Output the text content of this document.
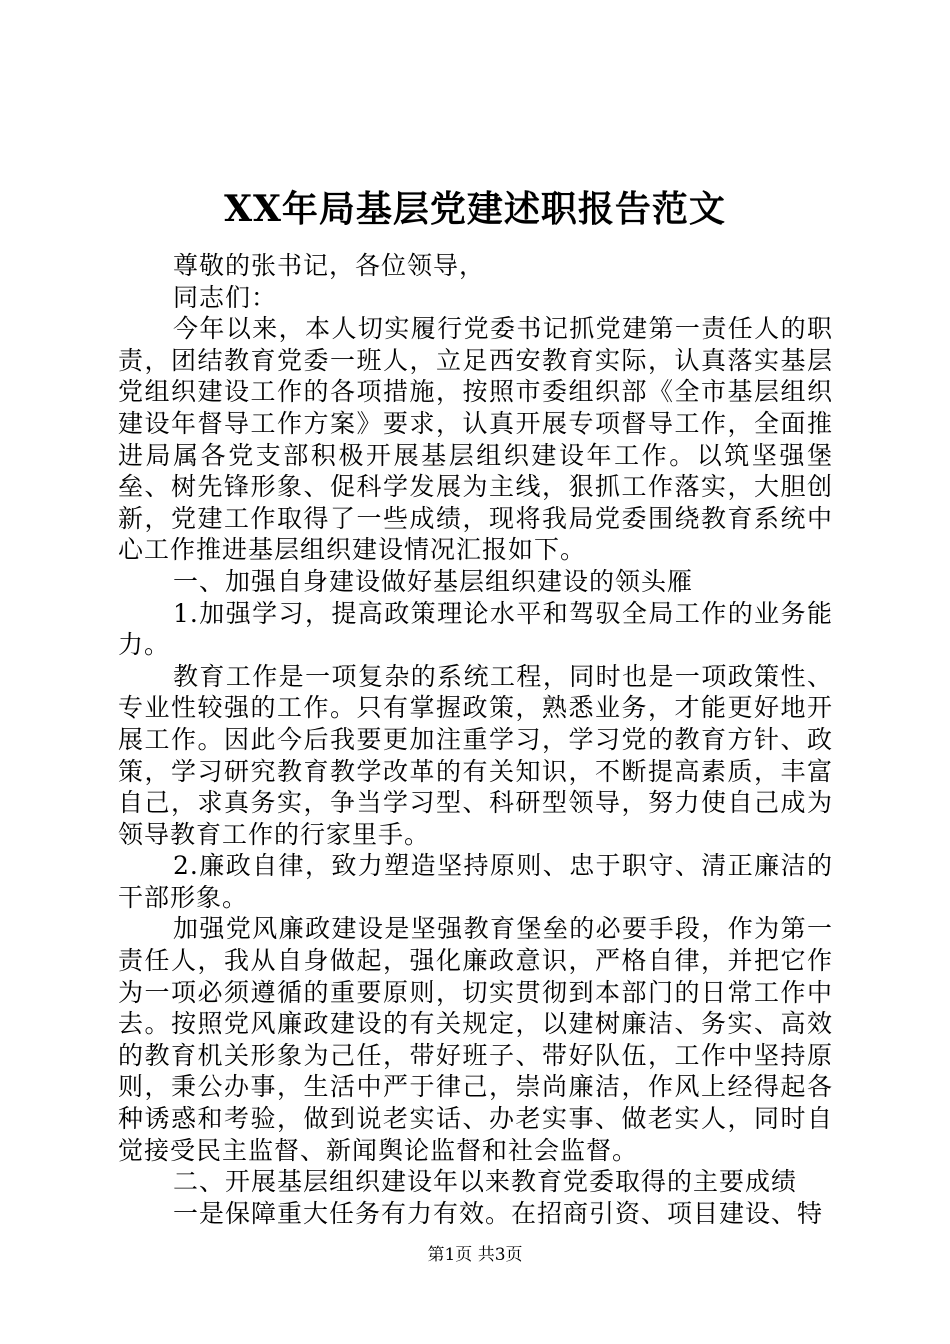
XX年局基层党建述职报告范文

尊敬的张书记，各位领导，

同志们：

今年以来，本人切实履行党委书记抓党建第一责任人的职责，团结教育党委一班人，立足西安教育实际，认真落实基层党组织建设工作的各项措施，按照市委组织部《全市基层组织建设年督导工作方案》要求，认真开展专项督导工作，全面推进局属各党支部积极开展基层组织建设年工作。以筑坚强堡垒、树先锋形象、促科学发展为主线，狠抓工作落实，大胆创新，党建工作取得了一些成绩，现将我局党委围绕教育系统中心工作推进基层组织建设情况汇报如下。

一、加强自身建设做好基层组织建设的领头雁

1.加强学习，提高政策理论水平和驾驭全局工作的业务能力。

教育工作是一项复杂的系统工程，同时也是一项政策性、专业性较强的工作。只有掌握政策，熟悉业务，才能更好地开展工作。因此今后我要更加注重学习，学习党的教育方针、政策，学习研究教育教学改革的有关知识，不断提高素质，丰富自己，求真务实，争当学习型、科研型领导，努力使自己成为领导教育工作的行家里手。

2.廉政自律，致力塑造坚持原则、忠于职守、清正廉洁的干部形象。

加强党风廉政建设是坚强教育堡垒的必要手段，作为第一责任人，我从自身做起，强化廉政意识，严格自律，并把它作为一项必须遵循的重要原则，切实贯彻到本部门的日常工作中去。按照党风廉政建设的有关规定，以建树廉洁、务实、高效的教育机关形象为己任，带好班子、带好队伍，工作中坚持原则，秉公办事，生活中严于律己，崇尚廉洁，作风上经得起各种诱惑和考验，做到说老实话、办老实事、做老实人，同时自觉接受民主监督、新闻舆论监督和社会监督。

二、开展基层组织建设年以来教育党委取得的主要成绩

一是保障重大任务有力有效。在招商引资、项目建设、特

第1页 共3页
